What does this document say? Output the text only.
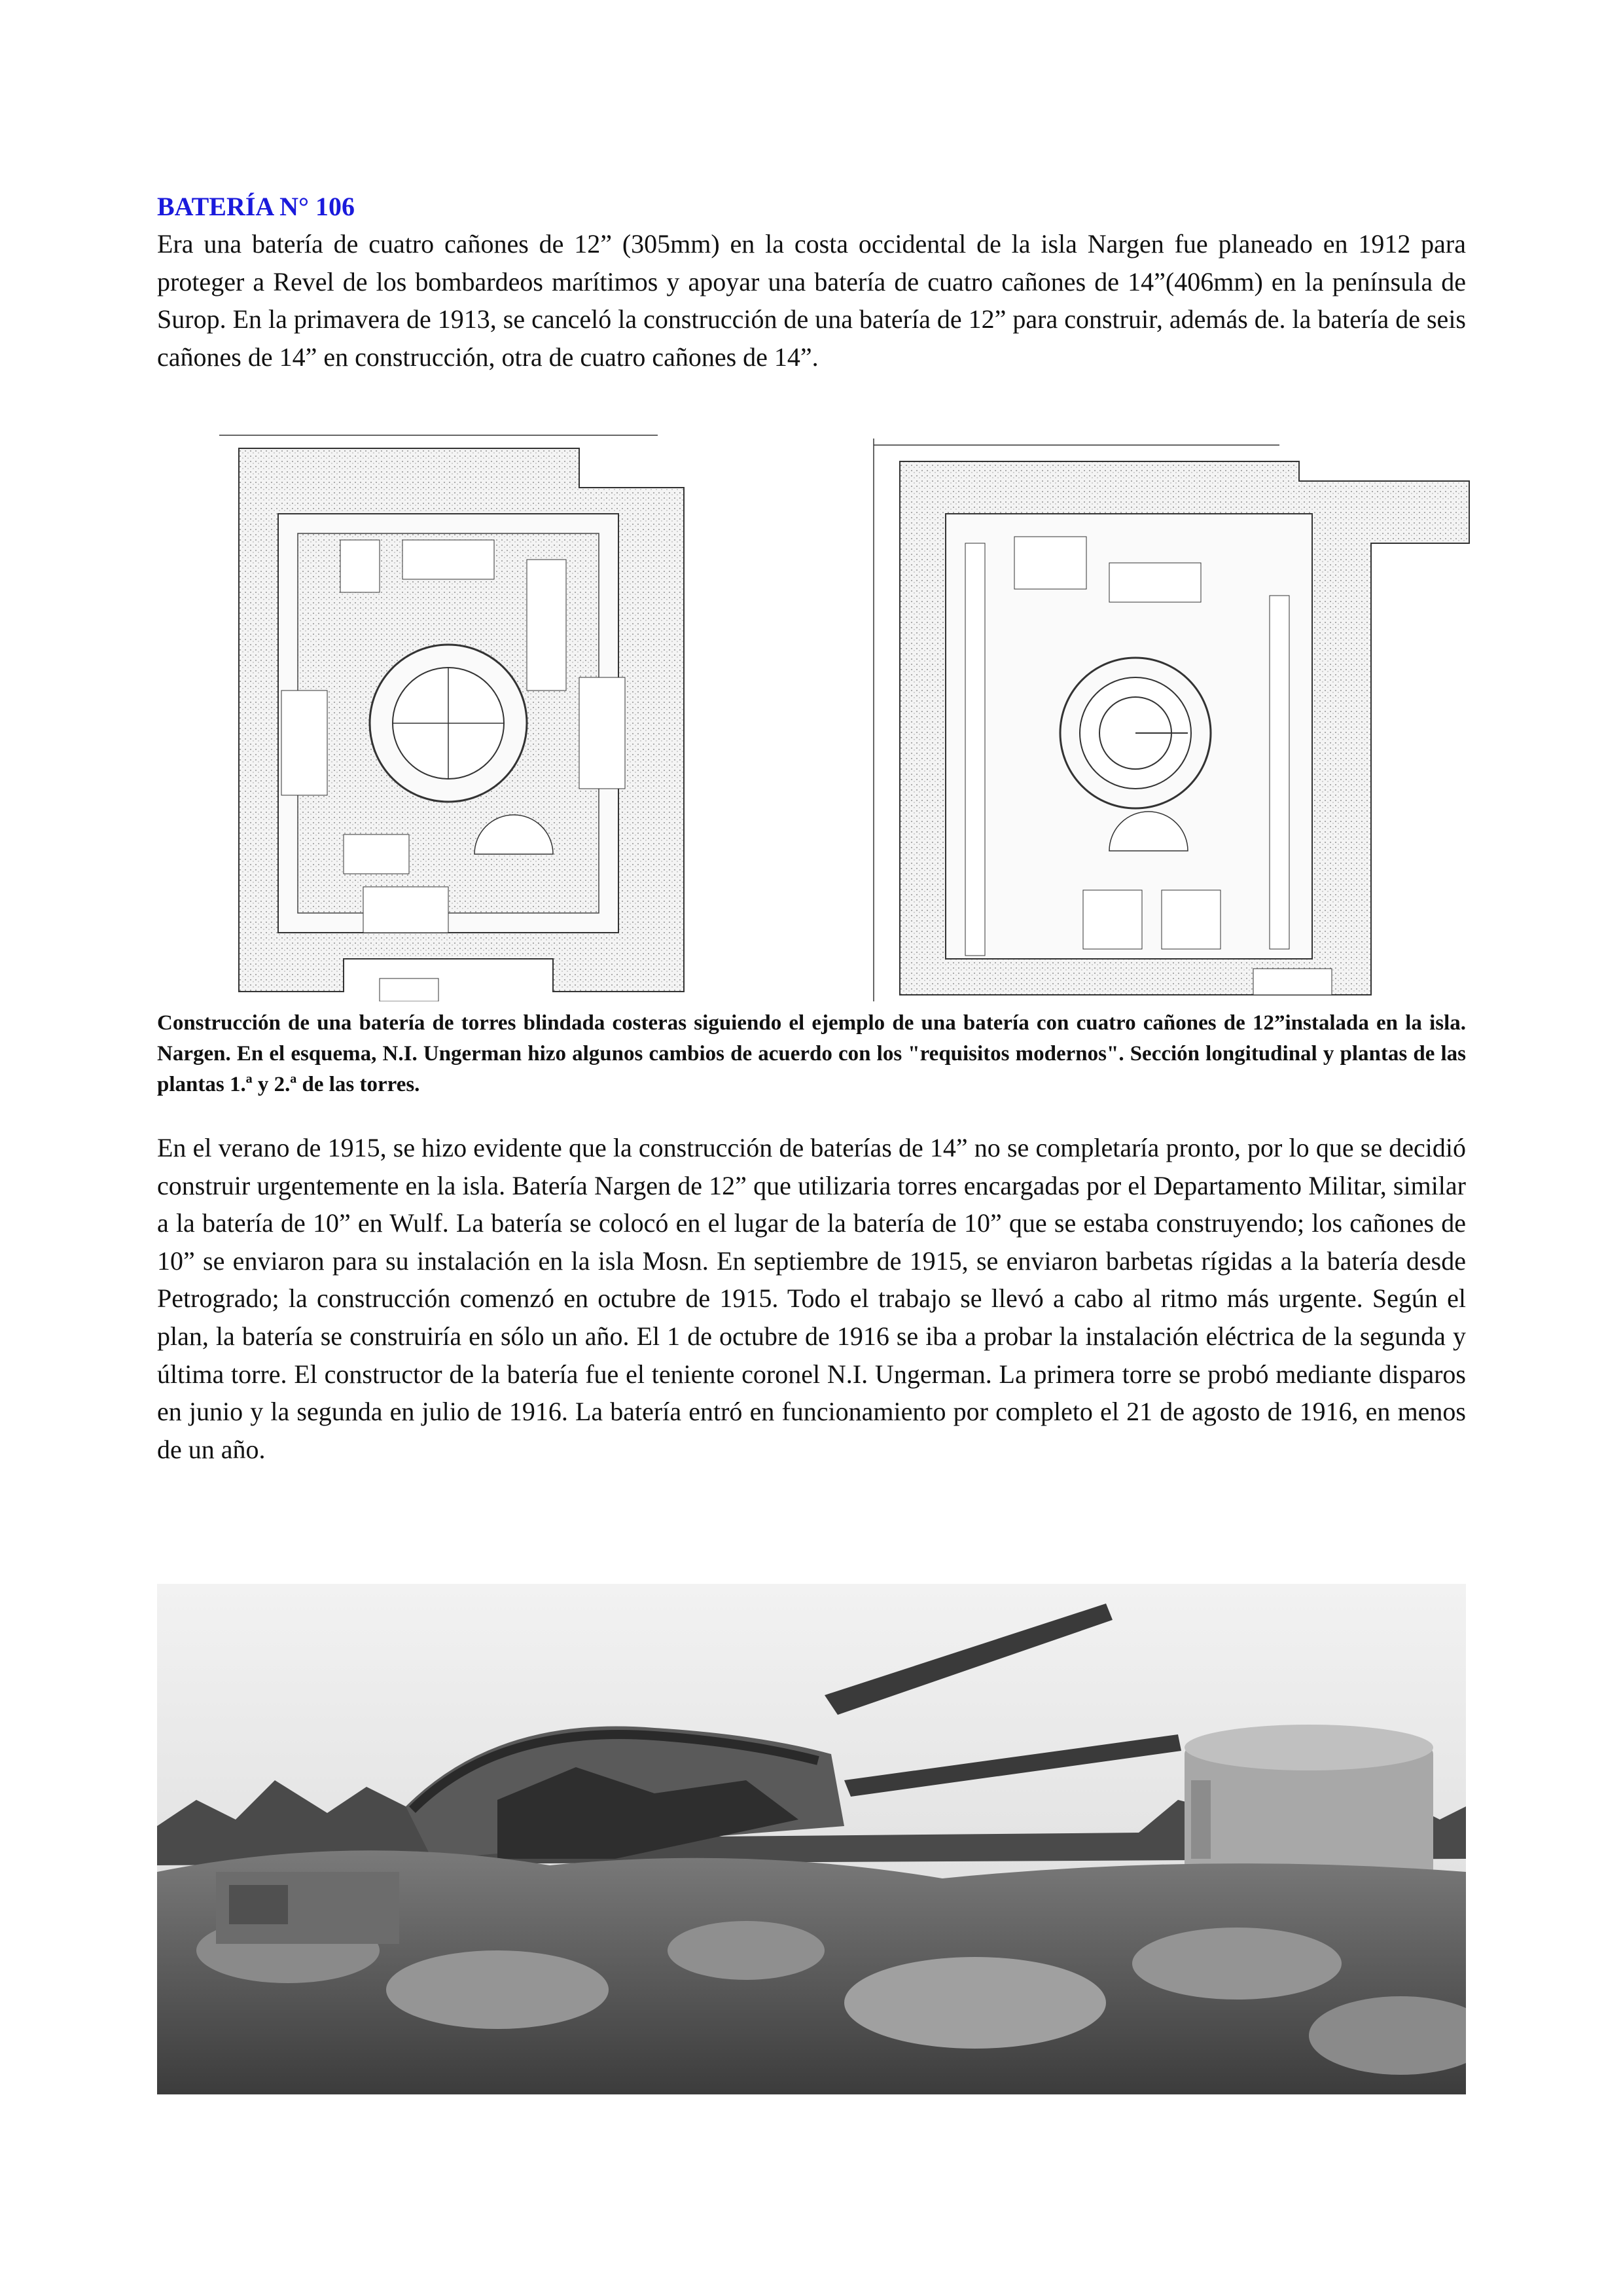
BATERÍA N° 106

Era una batería de cuatro cañones de 12” (305mm) en la costa occidental de la isla Nargen fue planeado en 1912 para proteger a Revel de los bombardeos marítimos y apoyar una batería de cuatro cañones de 14”(406mm) en la península de Surop. En la primavera de 1913, se canceló la construcción de una batería de 12” para construir, además de. la batería de seis cañones de 14” en construcción, otra de cuatro cañones de 14”.

Construcción de una batería de torres blindada costeras siguiendo el ejemplo de una batería con cuatro cañones de 12”instalada en la isla. Nargen. En el esquema, N.I. Ungerman hizo algunos cambios de acuerdo con los "requisitos modernos". Sección longitudinal y plantas de las plantas 1.ª y 2.ª de las torres.

En el verano de 1915, se hizo evidente que la construcción de baterías de 14” no se completaría pronto, por lo que se decidió construir urgentemente en la isla. Batería Nargen de 12” que utilizaria torres encargadas por el Departamento Militar, similar a la batería de 10” en Wulf. La batería se colocó en el lugar de la batería de 10” que se estaba construyendo; los cañones de 10” se enviaron para su instalación en la isla Mosn. En septiembre de 1915, se enviaron barbetas rígidas a la batería desde Petrogrado; la construcción comenzó en octubre de 1915. Todo el trabajo se llevó a cabo al ritmo más urgente. Según el plan, la batería se construiría en sólo un año. El 1 de octubre de 1916 se iba a probar la instalación eléctrica de la segunda y última torre. El constructor de la batería fue el teniente coronel N.I. Ungerman. La primera torre se probó mediante disparos en junio y la segunda en julio de 1916. La batería entró en funcionamiento por completo el 21 de agosto de 1916, en menos de un año.
